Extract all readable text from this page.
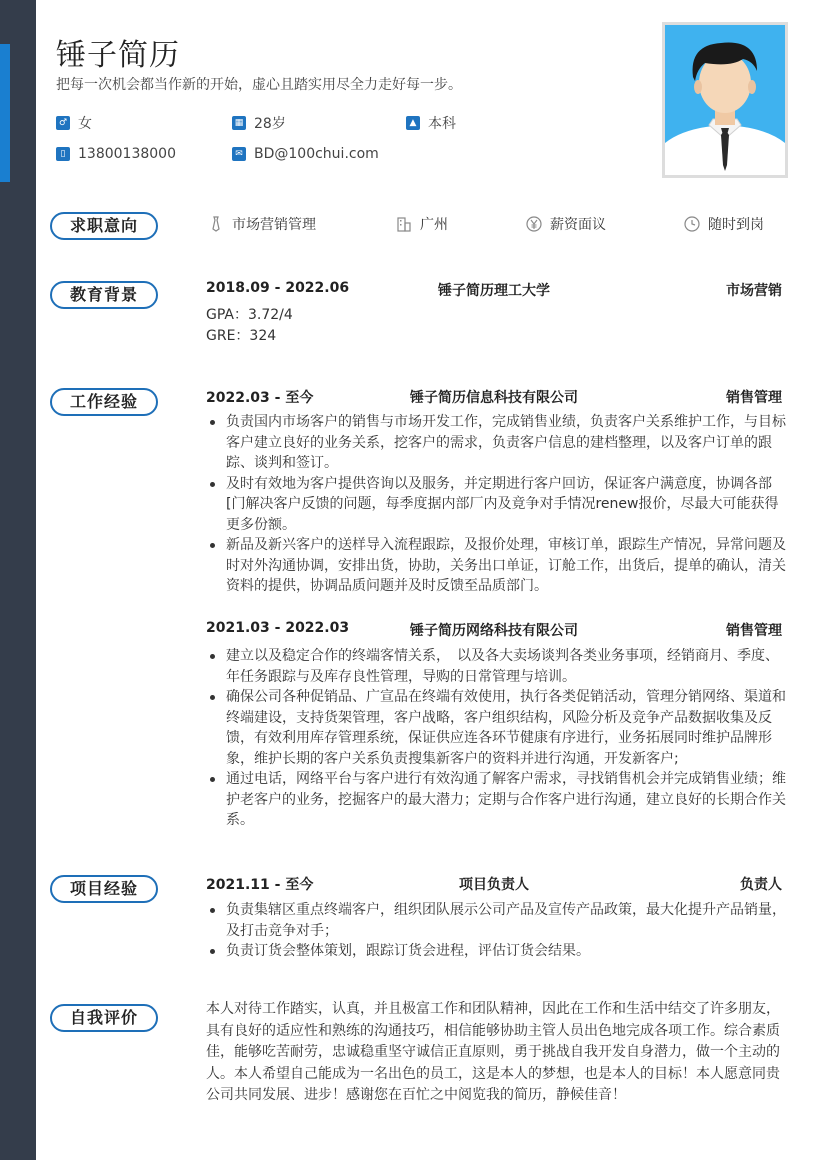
锤子简历
把每一次机会都当作新的开始，虚心且踏实用尽全力走好每一步。
♂ 女	▦ 28岁	▲ 本科
▯ 13800138000	✉ BD@100chui.com
求职意向	市场营销管理	广州	薪资面议	随时到岗
教育背景	2018.09 - 2022.06	锤子简历理工大学	市场营销
GPA：3.72/4
GRE：324
工作经验	2022.03 - 至今	锤子简历信息科技有限公司	销售管理
负责国内市场客户的销售与市场开发工作，完成销售业绩，负责客户关系维护工作，与目标客户建立良好的业务关系，挖客户的需求，负责客户信息的建档整理，以及客户订单的跟踪、谈判和签订。
及时有效地为客户提供咨询以及服务，并定期进行客户回访，保证客户满意度，协调各部[门解决客户反馈的问题，每季度据内部厂内及竟争对手情况renew报价，尽最大可能获得更多份额。
新品及新兴客户的送样导入流程跟踪，及报价处理，审核订单，跟踪生产情况，异常问题及时对外沟通协调，安排出货，协助，关务出口单证，订舱工作，出货后，提单的确认，清关资料的提供，协调品质问题并及时反馈至品质部门。
2021.03 - 2022.03	锤子简历网络科技有限公司	销售管理
建立以及稳定合作的终端客情关系，　以及各大卖场谈判各类业务事项，经销商月、季度、年任务跟踪与及库存良性管理，导购的日常管理与培训。
确保公司各种促销品、广宣品在终端有效使用，执行各类促销活动，管理分销网络、渠道和终端建设，支持货架管理，客户战略，客户组织结构，风险分析及竞争产品数据收集及反馈，有效利用库存管理系统，保证供应连各环节健康有序进行，业务拓展同时维护品牌形象，维护长期的客户关系负责搜集新客户的资料并进行沟通，开发新客户;
通过电话，网络平台与客户进行有效沟通了解客户需求，寻找销售机会并完成销售业绩；维护老客户的业务，挖掘客户的最大潜力；定期与合作客户进行沟通，建立良好的长期合作关系。
项目经验	2021.11 - 至今	项目负责人	负责人
负责集辖区重点终端客户，组织团队展示公司产品及宣传产品政策，最大化提升产品销量，及打击竞争对手；
负责订货会整体策划，跟踪订货会进程，评估订货会结果。
自我评价	本人对待工作踏实，认真，并且极富工作和团队精神，因此在工作和生活中结交了许多朋友，具有良好的适应性和熟练的沟通技巧，相信能够协助主管人员出色地完成各项工作。综合素质佳，能够吃苦耐劳，忠诚稳重坚守诚信正直原则，勇于挑战自我开发自身潜力，做一个主动的人。本人希望自己能成为一名出色的员工，这是本人的梦想，也是本人的目标！本人愿意同贵公司共同发展、进步！感谢您在百忙之中阅览我的简历，静候佳音！
